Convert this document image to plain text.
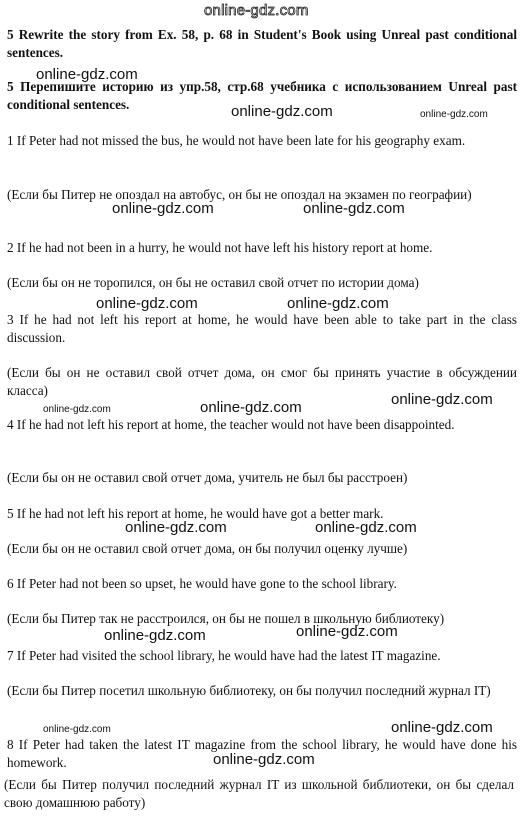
online-gdz.com
5 Rewrite the story from Ex. 58, p. 68 in Student's Book using Unreal past conditional sentences.
online-gdz.com
5 Перепишите историю из упр.58, стр.68 учебника с использованием Unreal past conditional sentences.	online-gdz.com	online-gdz.com
1 If Peter had not missed the bus, he would not have been late for his geography exam.
(Если бы Питер не опоздал на автобус, он бы не опоздал на экзамен по географии)
online-gdz.com	online-gdz.com
2 If he had not been in a hurry, he would not have left his history report at home.
(Если бы он не торопился, он бы не оставил свой отчет по истории дома)
online-gdz.com	online-gdz.com
3 If he had not left his report at home, he would have been able to take part in the class discussion.
(Если бы он не оставил свой отчет дома, он смог бы принять участие в обсуждении класса)
online-gdz.com	online-gdz.com	online-gdz.com
4 If he had not left his report at home, the teacher would not have been disappointed.
(Если бы он не оставил свой отчет дома, учитель не был бы расстроен)
5 If he had not left his report at home, he would have got a better mark.
online-gdz.com	online-gdz.com
(Если бы он не оставил свой отчет дома, он бы получил оценку лучше)
6 If Peter had not been so upset, he would have gone to the school library.
(Если бы Питер так не расстроился, он бы не пошел в школьную библиотеку)
online-gdz.com
online-gdz.com
7 If Peter had visited the school library, he would have had the latest IT magazine.
(Если бы Питер посетил школьную библиотеку, он бы получил последний журнал IT)
online-gdz.com	online-gdz.com
8 If Peter had taken the latest IT magazine from the school library, he would have done his homework.	online-gdz.com
(Если бы Питер получил последний журнал IT из школьной библиотеки, он бы сделал свою домашнюю работу)
